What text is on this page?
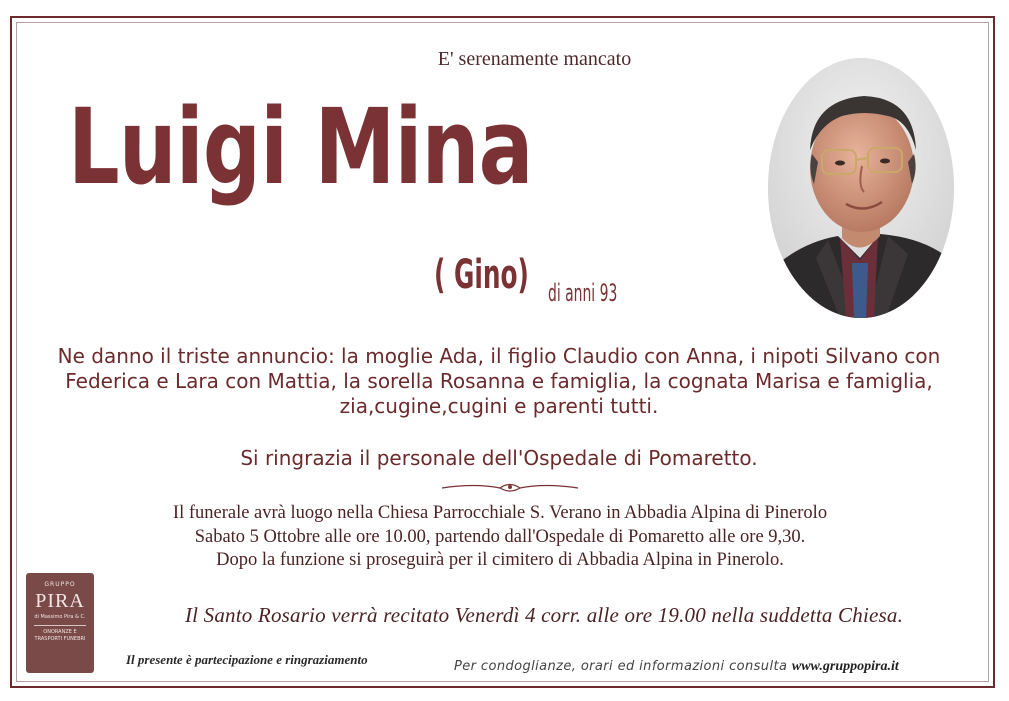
E' serenamente mancato
Luigi Mina
( Gino) di anni 93
Ne danno il triste annuncio: la moglie Ada, il figlio Claudio con Anna, i nipoti Silvano con
Federica e Lara con Mattia, la sorella Rosanna e famiglia, la cognata Marisa e famiglia,
zia,cugine,cugini e parenti tutti.
Si ringrazia il personale dell'Ospedale di Pomaretto.
Il funerale avrà luogo nella Chiesa Parrocchiale S. Verano in Abbadia Alpina di Pinerolo
Sabato 5 Ottobre alle ore 10.00, partendo dall'Ospedale di Pomaretto alle ore 9,30.
Dopo la funzione si proseguirà per il cimitero di Abbadia Alpina in Pinerolo.
Il Santo Rosario verrà recitato Venerdì 4 corr. alle ore 19.00 nella suddetta Chiesa.
GRUPPO
PIRA
di Massimo Pira & C.
ONORANZE E TRASPORTI FUNEBRI
Il presente è partecipazione e ringraziamento	Per condoglianze, orari ed informazioni consulta www.gruppopira.it
